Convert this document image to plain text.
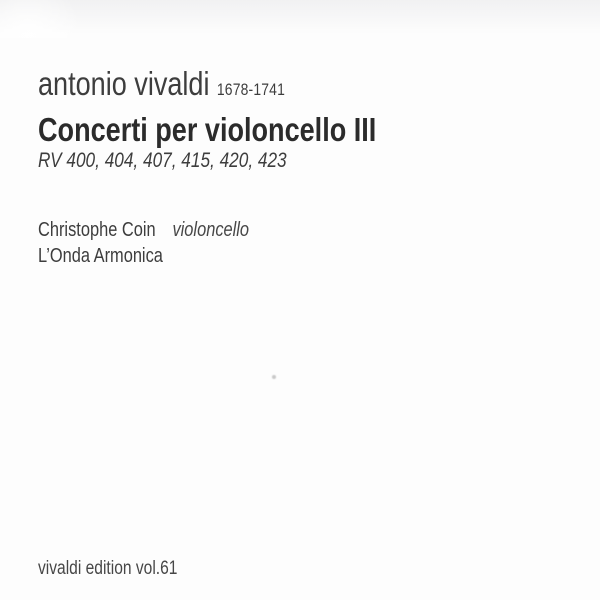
antonio vivaldi 1678-1741
Concerti per violoncello III
RV 400, 404, 407, 415, 420, 423
Christophe Coin violoncello
L’Onda Armonica
vivaldi edition vol.61
